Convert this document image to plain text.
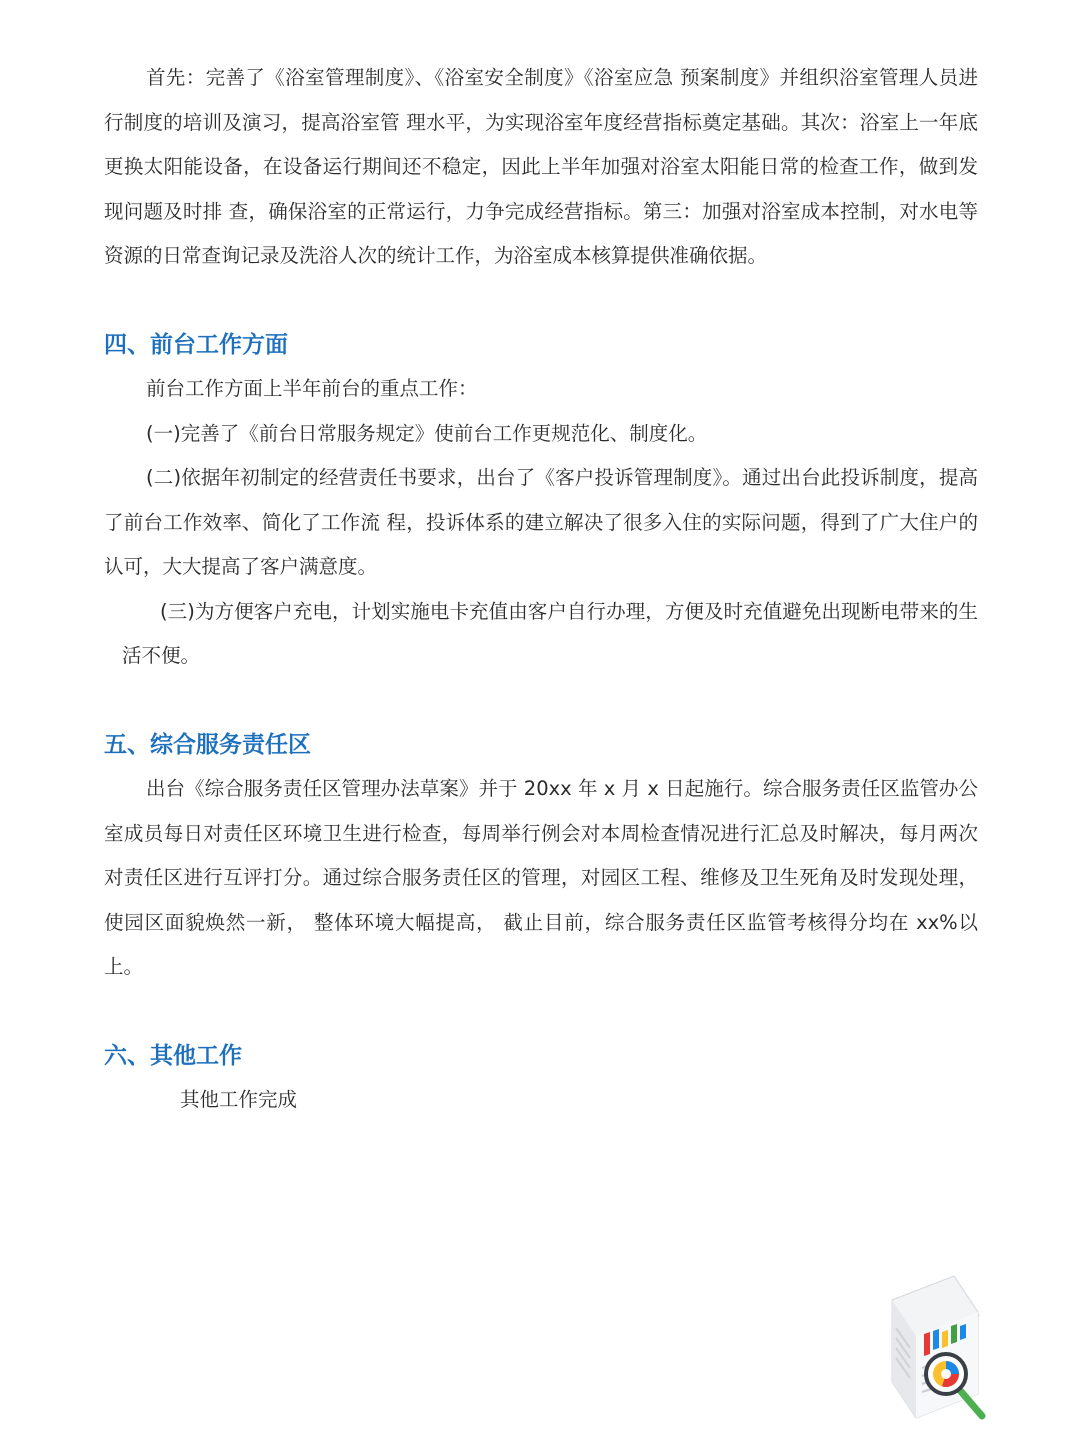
首先：完善了《浴室管理制度》、《浴室安全制度》《浴室应急 预案制度》并组织浴室管理人员进行制度的培训及演习，提高浴室管 理水平，为实现浴室年度经营指标奠定基础。其次：浴室上一年底更换太阳能设备，在设备运行期间还不稳定，因此上半年加强对浴室太阳能日常的检查工作，做到发现问题及时排 查，确保浴室的正常运行，力争完成经营指标。第三：加强对浴室成本控制，对水电等资源的日常查询记录及洗浴人次的统计工作，为浴室成本核算提供准确依据。

四、前台工作方面

前台工作方面上半年前台的重点工作：

(一)完善了《前台日常服务规定》使前台工作更规范化、制度化。

(二)依据年初制定的经营责任书要求，出台了《客户投诉管理制度》。通过出台此投诉制度，提高了前台工作效率、简化了工作流 程，投诉体系的建立解决了很多入住的实际问题，得到了广大住户的认可，大大提高了客户满意度。

(三)为方便客户充电，计划实施电卡充值由客户自行办理，方便及时充值避免出现断电带来的生活不便。

五、综合服务责任区

出台《综合服务责任区管理办法草案》并于 20xx 年 x 月 x 日起施行。综合服务责任区监管办公室成员每日对责任区环境卫生进行检查，每周举行例会对本周检查情况进行汇总及时解决，每月两次对责任区进行互评打分。通过综合服务责任区的管理，对园区工程、维修及卫生死角及时发现处理， 使园区面貌焕然一新， 整体环境大幅提高， 截止目前，综合服务责任区监管考核得分均在 xx%以上。

六、其他工作

其他工作完成
